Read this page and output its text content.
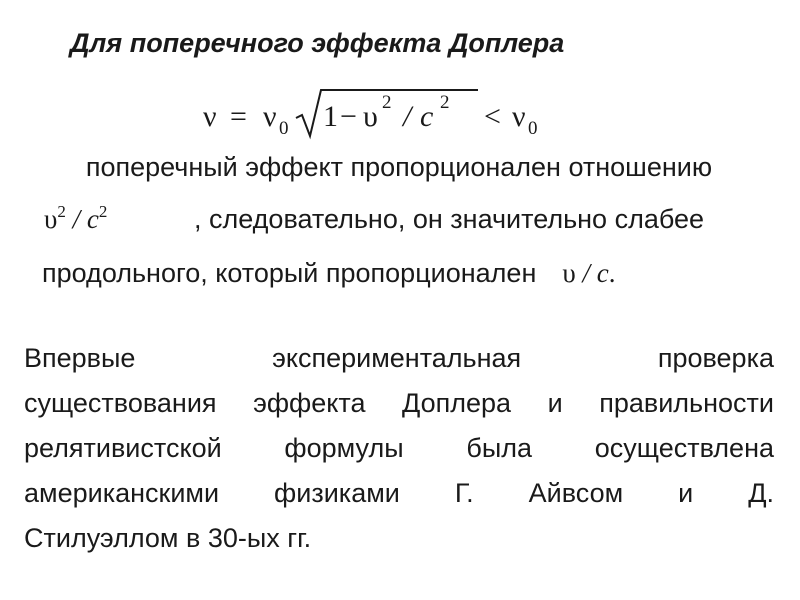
Для поперечного эффекта Доплера
ν = ν 0 1 − υ 2 / c 2 < ν 0
поперечный эффект пропорционален отношению
$\upsilon^2 / c^2$	, следовательно, он значительно слабее
продольного, который пропорционален υ / c.
Впервые экспериментальная проверка
существования эффекта Доплера и правильности
релятивистской формулы была осуществлена
американскими физиками Г. Айвсом и Д.
Стилуэллом в 30-ых гг.
